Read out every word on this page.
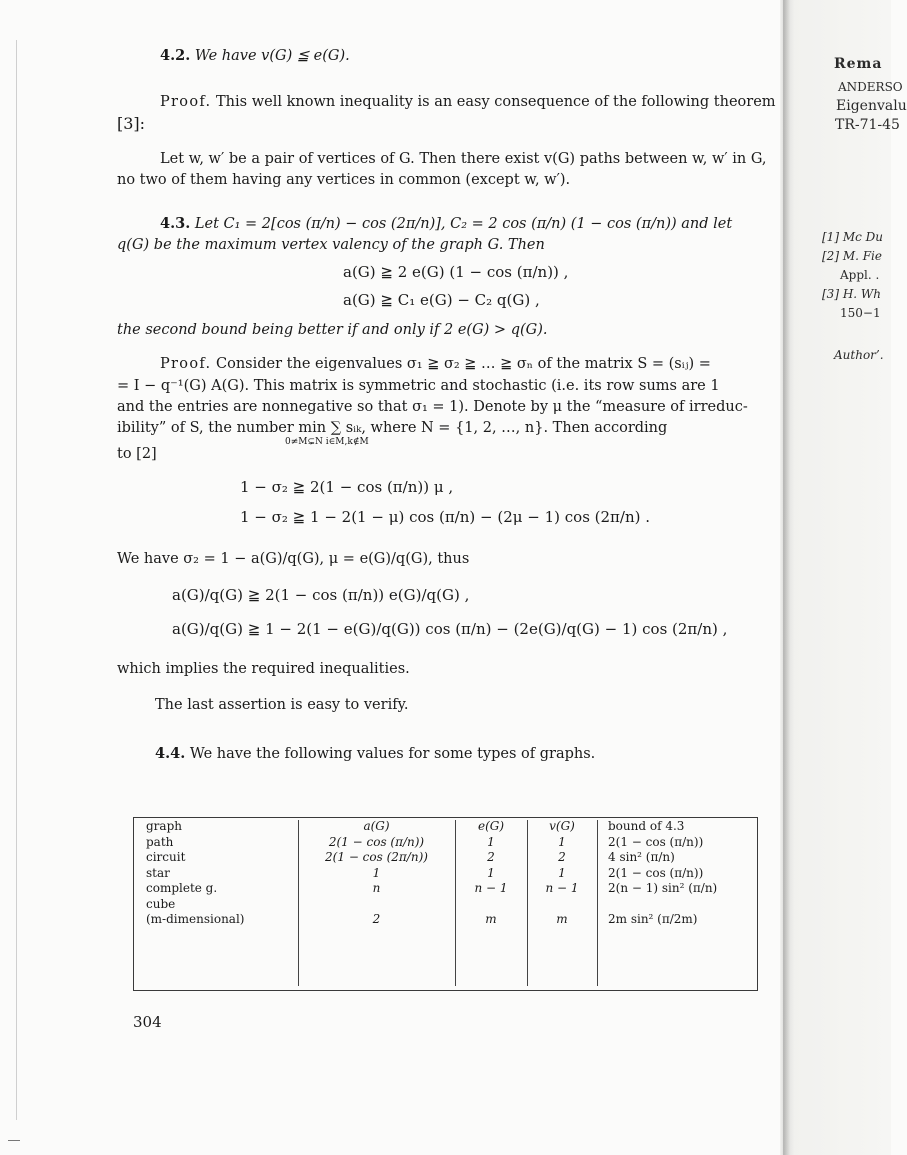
Rema
ANDERSO
Eigenvalu
TR-71-45
[1] Mc Du
[2] M. Fie
Appl. .
[3] H. Wh
150−1
Author’.
4.2. We have v(G) ≦ e(G).
Proof. This well known inequality is an easy consequence of the following theorem
[3]:
Let w, w′ be a pair of vertices of G. Then there exist v(G) paths between w, w′ in G,
no two of them having any vertices in common (except w, w′).
4.3. Let C₁ = 2[cos (π/n) − cos (2π/n)], C₂ = 2 cos (π/n) (1 − cos (π/n)) and let
q(G) be the maximum vertex valency of the graph G. Then
a(G) ≧ 2 e(G) (1 − cos (π/n)) ,
a(G) ≧ C₁ e(G) − C₂ q(G) ,
the second bound being better if and only if 2 e(G) > q(G).
Proof. Consider the eigenvalues σ₁ ≧ σ₂ ≧ … ≧ σₙ of the matrix S = (sᵢⱼ) =
= I − q⁻¹(G) A(G). This matrix is symmetric and stochastic (i.e. its row sums are 1
and the entries are nonnegative so that σ₁ = 1). Denote by μ the “measure of irreduc-
ibility” of S, the number min ∑ sᵢₖ, where N = {1, 2, …, n}. Then according
0≠M⊊N i∈M,k∉M
to [2]
1 − σ₂ ≧ 2(1 − cos (π/n)) μ ,
1 − σ₂ ≧ 1 − 2(1 − μ) cos (π/n) − (2μ − 1) cos (2π/n) .
We have σ₂ = 1 − a(G)/q(G), μ = e(G)/q(G), thus
a(G)/q(G) ≧ 2(1 − cos (π/n)) e(G)/q(G) ,
a(G)/q(G) ≧ 1 − 2(1 − e(G)/q(G)) cos (π/n) − (2e(G)/q(G) − 1) cos (2π/n) ,
which implies the required inequalities.
The last assertion is easy to verify.
4.4. We have the following values for some types of graphs.
graph
path
circuit
star
complete g.
cube
(m-dimensional)
a(G)
2(1 − cos (π/n))
2(1 − cos (2π/n))
1
n
2
e(G)
1
2
1
n − 1
m
v(G)
1
2
1
n − 1
m
bound of 4.3
2(1 − cos (π/n))
4 sin² (π/n)
2(1 − cos (π/n))
2(n − 1) sin² (π/n)
2m sin² (π/2m)
304
